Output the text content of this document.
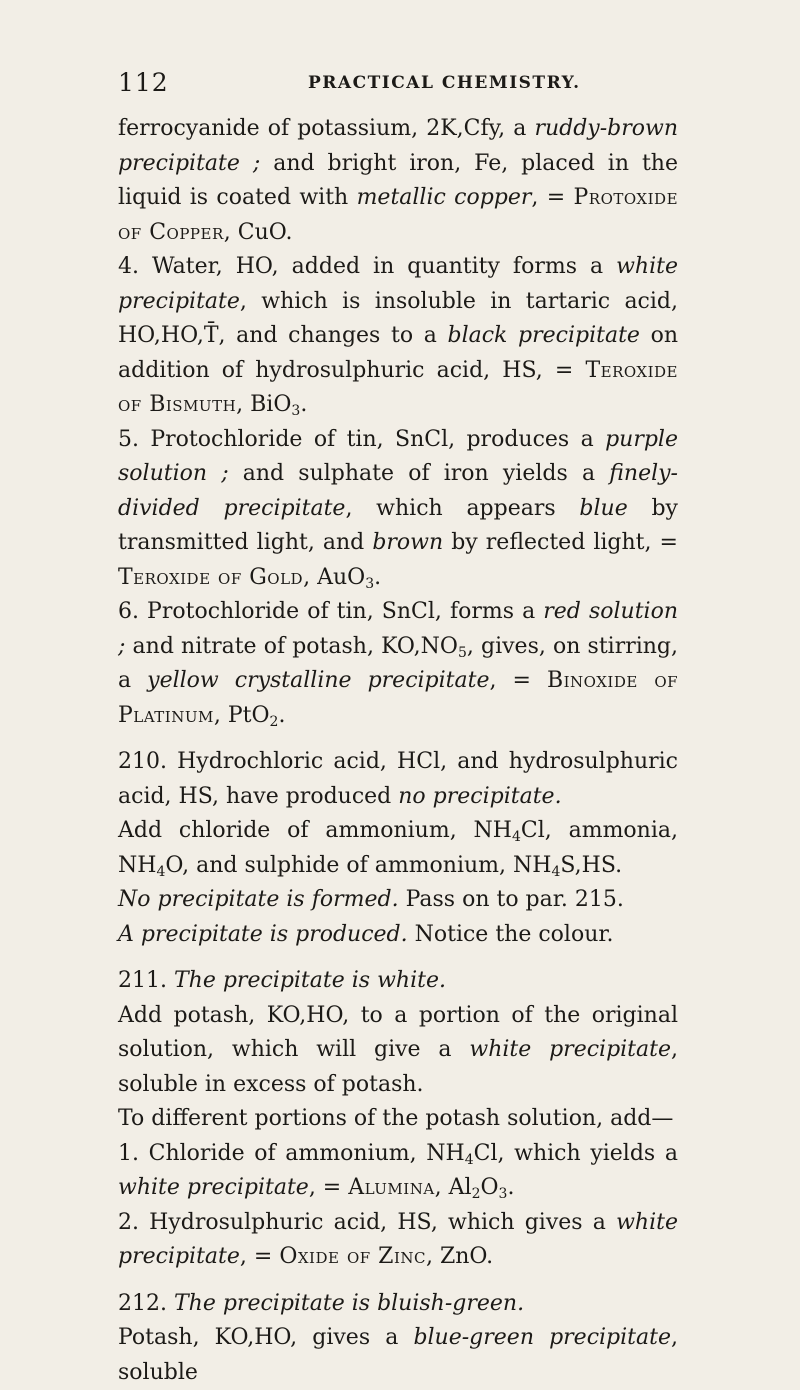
112	PRACTICAL CHEMISTRY.

ferrocyanide of potassium, 2K,Cfy, a ruddy-brown precipitate ; and bright iron, Fe, placed in the liquid is coated with metallic copper, = Protoxide of Copper, CuO.

4. Water, HO, added in quantity forms a white precipitate, which is insoluble in tartaric acid, HO,HO,T̄, and changes to a black precipitate on addition of hydrosulphuric acid, HS, = Teroxide of Bismuth, BiO$_3$.

5. Protochloride of tin, SnCl, produces a purple solution ; and sulphate of iron yields a finely-divided precipitate, which appears blue by transmitted light, and brown by reflected light, = Teroxide of Gold, AuO$_3$.

6. Protochloride of tin, SnCl, forms a red solution ; and nitrate of potash, $KO,NO_5$, gives, on stirring, a yellow crystalline precipitate, = Binoxide of Platinum, PtO$_2$.

210. Hydrochloric acid, HCl, and hydrosulphuric acid, HS, have produced no precipitate.

Add chloride of ammonium, $NH_4Cl$, ammonia, $NH_4O$, and sulphide of ammonium, $NH_4S,HS$.

No precipitate is formed. Pass on to par. 215.

A precipitate is produced. Notice the colour.

211. The precipitate is white.

Add potash, KO,HO, to a portion of the original solution, which will give a white precipitate, soluble in excess of potash.

To different portions of the potash solution, add—

1. Chloride of ammonium, $NH_4Cl$, which yields a white precipitate, = Alumina, $Al_2O_3$.

2. Hydrosulphuric acid, HS, which gives a white precipitate, = Oxide of Zinc, ZnO.

212. The precipitate is bluish-green.

Potash, KO,HO, gives a blue-green precipitate, soluble
